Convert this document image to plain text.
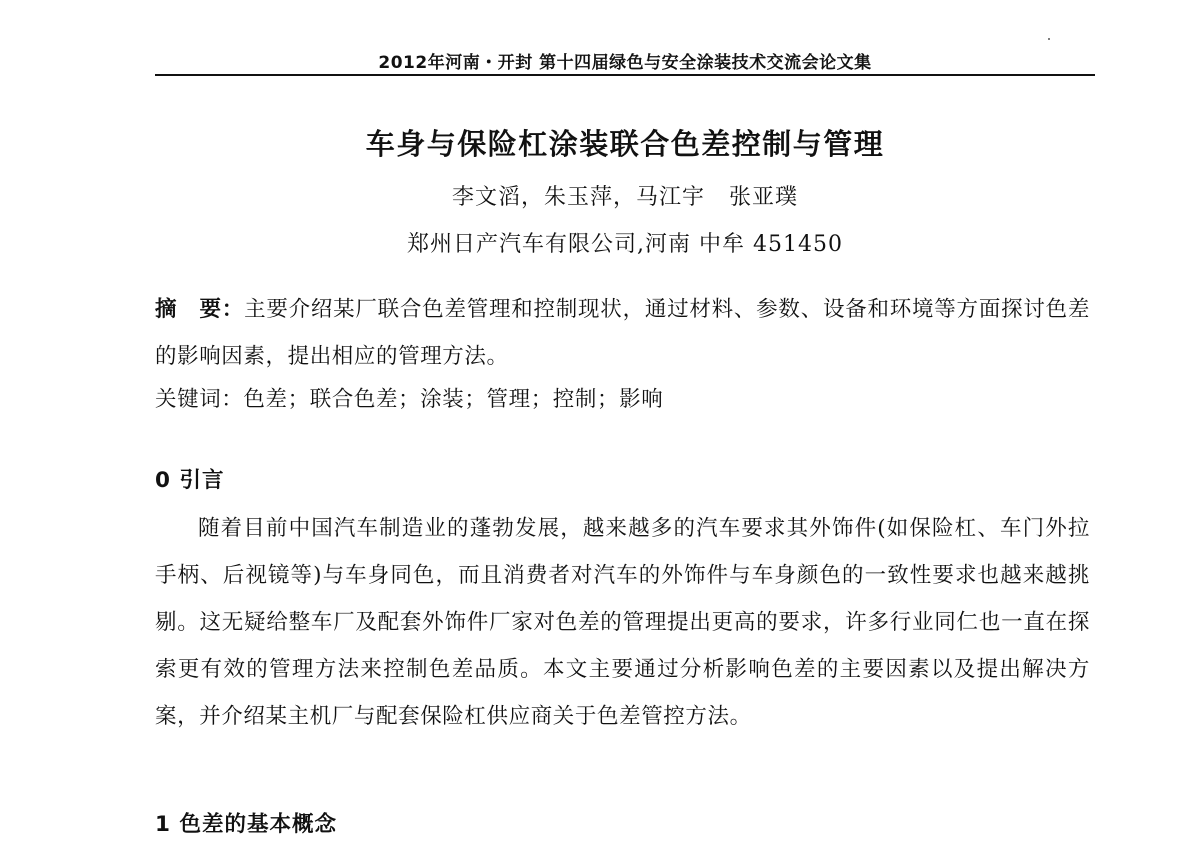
2012年河南・开封 第十四届绿色与安全涂装技术交流会论文集
车身与保险杠涂装联合色差控制与管理
李文滔，朱玉萍，马江宇   张亚璞
郑州日产汽车有限公司,河南 中牟 451450
摘　要：主要介绍某厂联合色差管理和控制现状，通过材料、参数、设备和环境等方面探讨色差的影响因素，提出相应的管理方法。
关键词：色差；联合色差；涂装；管理；控制；影响
0 引言
随着目前中国汽车制造业的蓬勃发展，越来越多的汽车要求其外饰件(如保险杠、车门外拉手柄、后视镜等)与车身同色，而且消费者对汽车的外饰件与车身颜色的一致性要求也越来越挑剔。这无疑给整车厂及配套外饰件厂家对色差的管理提出更高的要求，许多行业同仁也一直在探索更有效的管理方法来控制色差品质。本文主要通过分析影响色差的主要因素以及提出解决方案，并介绍某主机厂与配套保险杠供应商关于色差管控方法。
1 色差的基本概念
